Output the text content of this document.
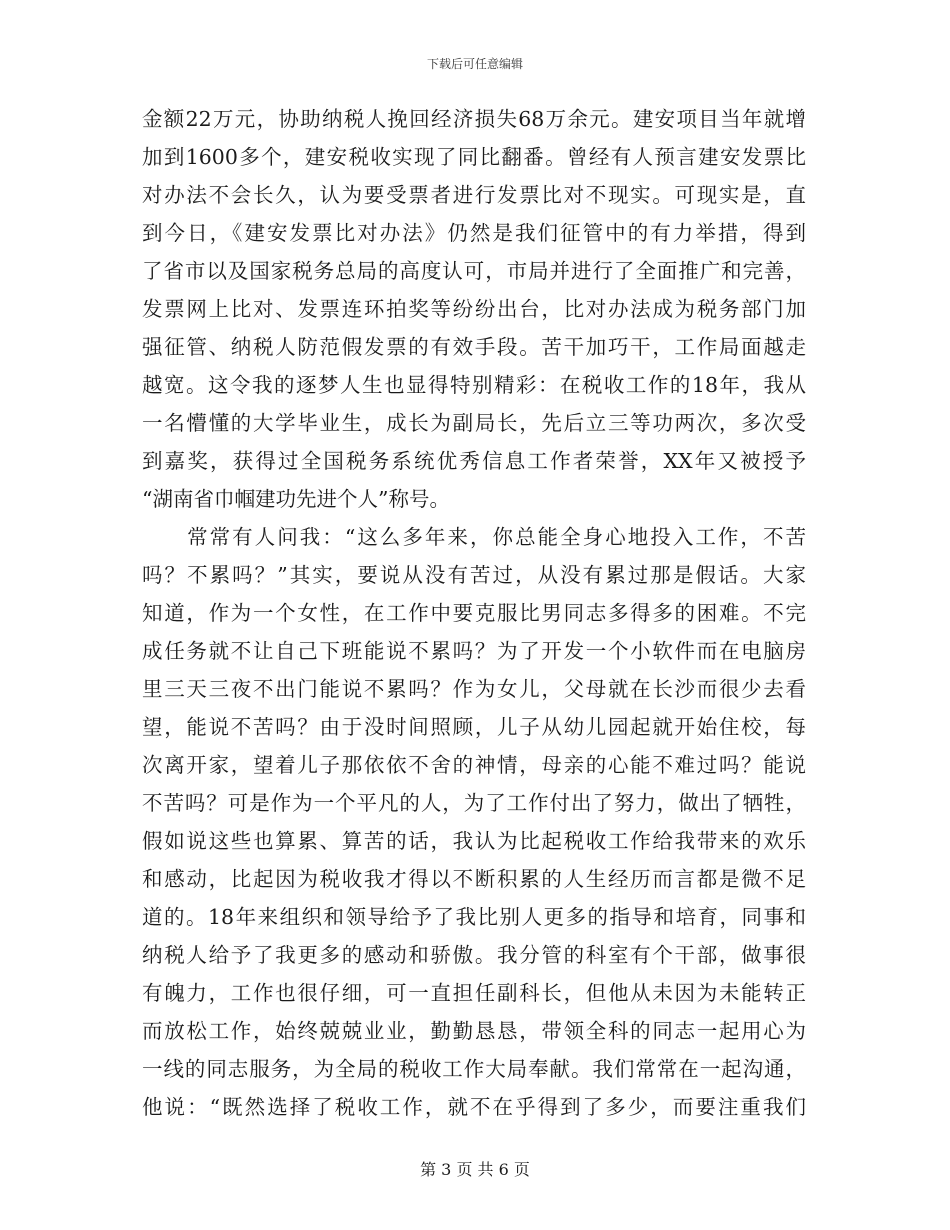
下载后可任意编辑
金额22万元，协助纳税人挽回经济损失68万余元。建安项目当年就增
加到1600多个，建安税收实现了同比翻番。曾经有人预言建安发票比
对办法不会长久，认为要受票者进行发票比对不现实。可现实是，直
到今日，《建安发票比对办法》仍然是我们征管中的有力举措，得到
了省市以及国家税务总局的高度认可，市局并进行了全面推广和完善，
发票网上比对、发票连环拍奖等纷纷出台，比对办法成为税务部门加
强征管、纳税人防范假发票的有效手段。苦干加巧干，工作局面越走
越宽。这令我的逐梦人生也显得特别精彩：在税收工作的18年，我从
一名懵懂的大学毕业生，成长为副局长，先后立三等功两次，多次受
到嘉奖，获得过全国税务系统优秀信息工作者荣誉，XX年又被授予
“湖南省巾帼建功先进个人”称号。
　　常常有人问我：“这么多年来，你总能全身心地投入工作，不苦
吗？不累吗？”其实，要说从没有苦过，从没有累过那是假话。大家
知道，作为一个女性，在工作中要克服比男同志多得多的困难。不完
成任务就不让自己下班能说不累吗？为了开发一个小软件而在电脑房
里三天三夜不出门能说不累吗？作为女儿，父母就在长沙而很少去看
望，能说不苦吗？由于没时间照顾，儿子从幼儿园起就开始住校，每
次离开家，望着儿子那依依不舍的神情，母亲的心能不难过吗？能说
不苦吗？可是作为一个平凡的人，为了工作付出了努力，做出了牺牲，
假如说这些也算累、算苦的话，我认为比起税收工作给我带来的欢乐
和感动，比起因为税收我才得以不断积累的人生经历而言都是微不足
道的。18年来组织和领导给予了我比别人更多的指导和培育，同事和
纳税人给予了我更多的感动和骄傲。我分管的科室有个干部，做事很
有魄力，工作也很仔细，可一直担任副科长，但他从未因为未能转正
而放松工作，始终兢兢业业，勤勤恳恳，带领全科的同志一起用心为
一线的同志服务，为全局的税收工作大局奉献。我们常常在一起沟通，
他说：“既然选择了税收工作，就不在乎得到了多少，而要注重我们
第 3 页 共 6 页
